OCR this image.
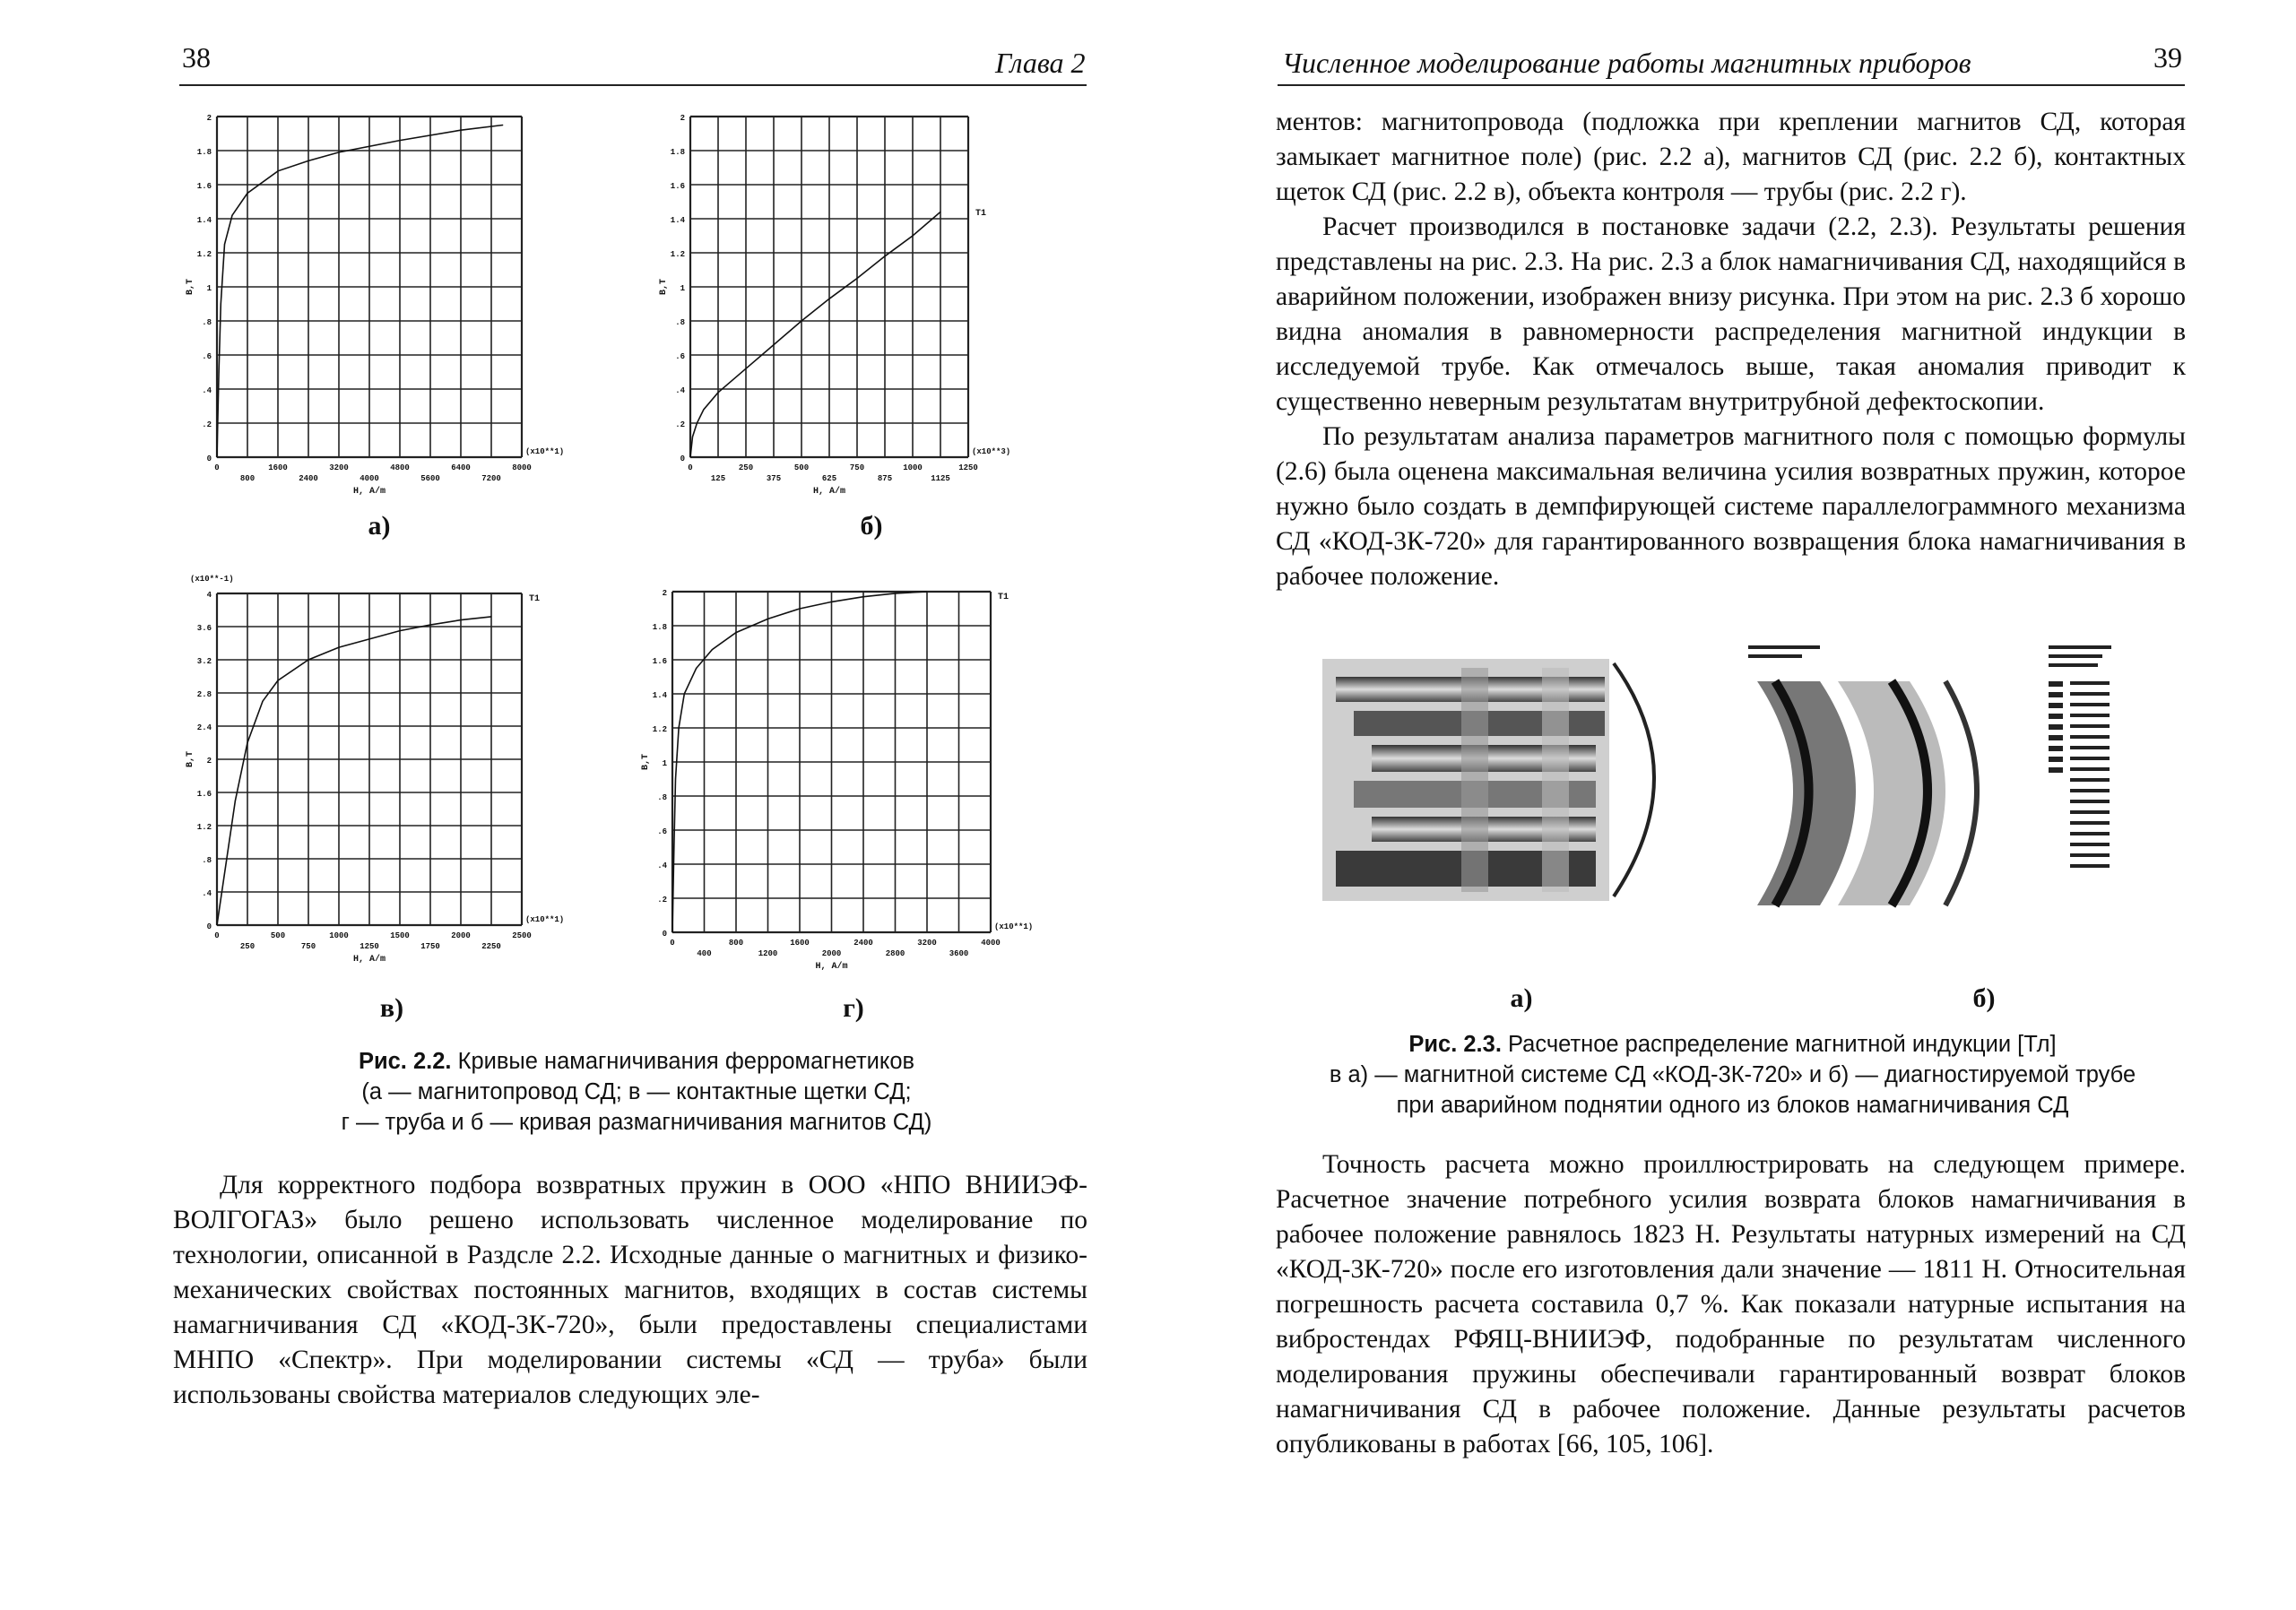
38	Глава 2
0
.2
.4
.6
.8
1
1.2
1.4
1.6
1.8
2
0	1600	3200	4800	6400	8000
800	2400	4000	5600	7200
(x10**1)
H, A/m
B,T
0
.2
.4
.6
.8
1
1.2
1.4
1.6
1.8
2
0	250	500	750	1000	1250
125	375	625	875	1125
(x10**3)
H, A/m
B,T
T1
0
.4
.8
1.2
1.6
2
2.4
2.8
3.2
3.6
4
0	500	1000	1500	2000	2500
250	750	1250	1750	2250
(x10**1)
(x10**-1)
H, A/m
B,T
T1
0
.2
.4
.6
.8
1
1.2
1.4
1.6
1.8
2
0	800	1600	2400	3200	4000
400	1200	2000	2800	3600
(x10**1)
H, A/m
B,T
T1
а)	б)
в)	г)
Рис. 2.2. Кривые намагничивания ферромагнетиков
(а — магнитопровод СД; в — контактные щетки СД;
г — труба и б — кривая размагничивания магнитов СД)

Для корректного подбора возвратных пружин в ООО «НПО ВНИИЭФ-ВОЛГОГАЗ» было решено использовать численное моделирование по технологии, описанной в Раздсле 2.2. Исходные данные о магнитных и физико-механических свойствах постоянных магнитов, входящих в состав системы намагничивания СД «КОД-3К-720», были предоставлены специалистами МНПО «Спектр». При моделировании системы «СД — труба» были использованы свойства материалов следующих эле-

Численное моделирование работы магнитных приборов	39

ментов: магнитопровода (подложка при креплении магнитов СД, которая замыкает магнитное поле) (рис. 2.2 а), магнитов СД (рис. 2.2 б), контактных щеток СД (рис. 2.2 в), объекта контроля — трубы (рис. 2.2 г).

Расчет производился в постановке задачи (2.2, 2.3). Результаты решения представлены на рис. 2.3. На рис. 2.3 а блок намагничивания СД, находящийся в аварийном положении, изображен внизу рисунка. При этом на рис. 2.3 б хорошо видна аномалия в равномерности распределения магнитной индукции в исследуемой трубе. Как отмечалось выше, такая аномалия приводит к существенно неверным результатам внутритрубной дефектоскопии.

По результатам анализа параметров магнитного поля с помощью формулы (2.6) была оценена максимальная величина усилия возвратных пружин, которое нужно было создать в демпфирующей системе параллелограммного механизма СД «КОД-3К-720» для гарантированного возвращения блока намагничивания в рабочее положение.

а)	б)
Рис. 2.3. Расчетное распределение магнитной индукции [Тл]
в а) — магнитной системе СД «КОД-3К-720» и б) — диагностируемой трубе
при аварийном поднятии одного из блоков намагничивания СД

Точность расчета можно проиллюстрировать на следующем примере. Расчетное значение потребного усилия возврата блоков намагничивания в рабочее положение равнялось 1823 Н. Результаты натурных измерений на СД «КОД-3К-720» после его изготовления дали значение — 1811 Н. Относительная погрешность расчета составила 0,7 %. Как показали натурные испытания на вибростендах РФЯЦ-ВНИИЭФ, подобранные по результатам численного моделирования пружины обеспечивали гарантированный возврат блоков намагничивания СД в рабочее положение. Данные результаты расчетов опубликованы в работах [66, 105, 106].
